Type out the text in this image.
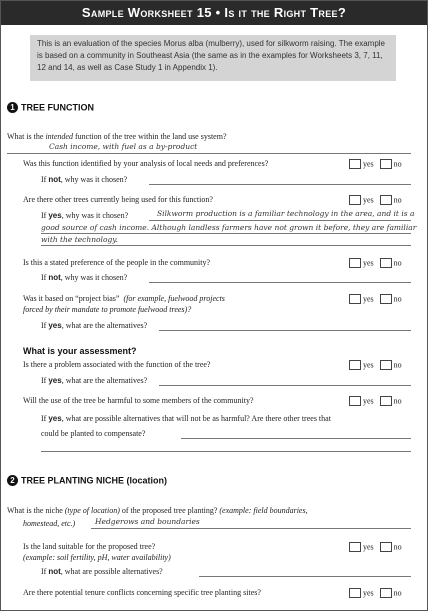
Sample Worksheet 15 • Is it the Right Tree?
This is an evaluation of the species Morus alba (mulberry), used for silkworm raising. The example is based on a community in Southeast Asia (the same as in the examples for Worksheets 3, 7, 11, 12 and 14, as well as Case Study 1 in Appendix 1).
1 TREE FUNCTION
What is the intended function of the tree within the land use system?
Cash income, with fuel as a by-product
Was this function identified by your analysis of local needs and preferences?	yes	no
If not, why was it chosen?
Are there other trees currently being used for this function?	yes	no
If yes, why was it chosen?	Silkworm production is a familiar technology in the area, and it is a
good source of cash income. Although landless farmers have not grown it before, they are familiar
with the technology.
Is this a stated preference of the people in the community?	yes	no
If not, why was it chosen?
Was it based on “project bias” (for example, fuelwood projects
forced by their mandate to promote fuelwood trees)?
yes	no
If yes, what are the alternatives?
What is your assessment?
Is there a problem associated with the function of the tree?	yes	no
If yes, what are the alternatives?
Will the use of the tree be harmful to some members of the community?	yes	no
If yes, what are possible alternatives that will not be as harmful? Are there other trees that
could be planted to compensate?
2 TREE PLANTING NICHE (location)
What is the niche (type of location) of the proposed tree planting? (example: field boundaries,
homestead, etc.)	Hedgerows and boundaries
Is the land suitable for the proposed tree?
(example: soil fertility, pH, water availability)
yes	no
If not, what are possible alternatives?
Are there potential tenure conflicts concerning specific tree planting sites?	yes	no
